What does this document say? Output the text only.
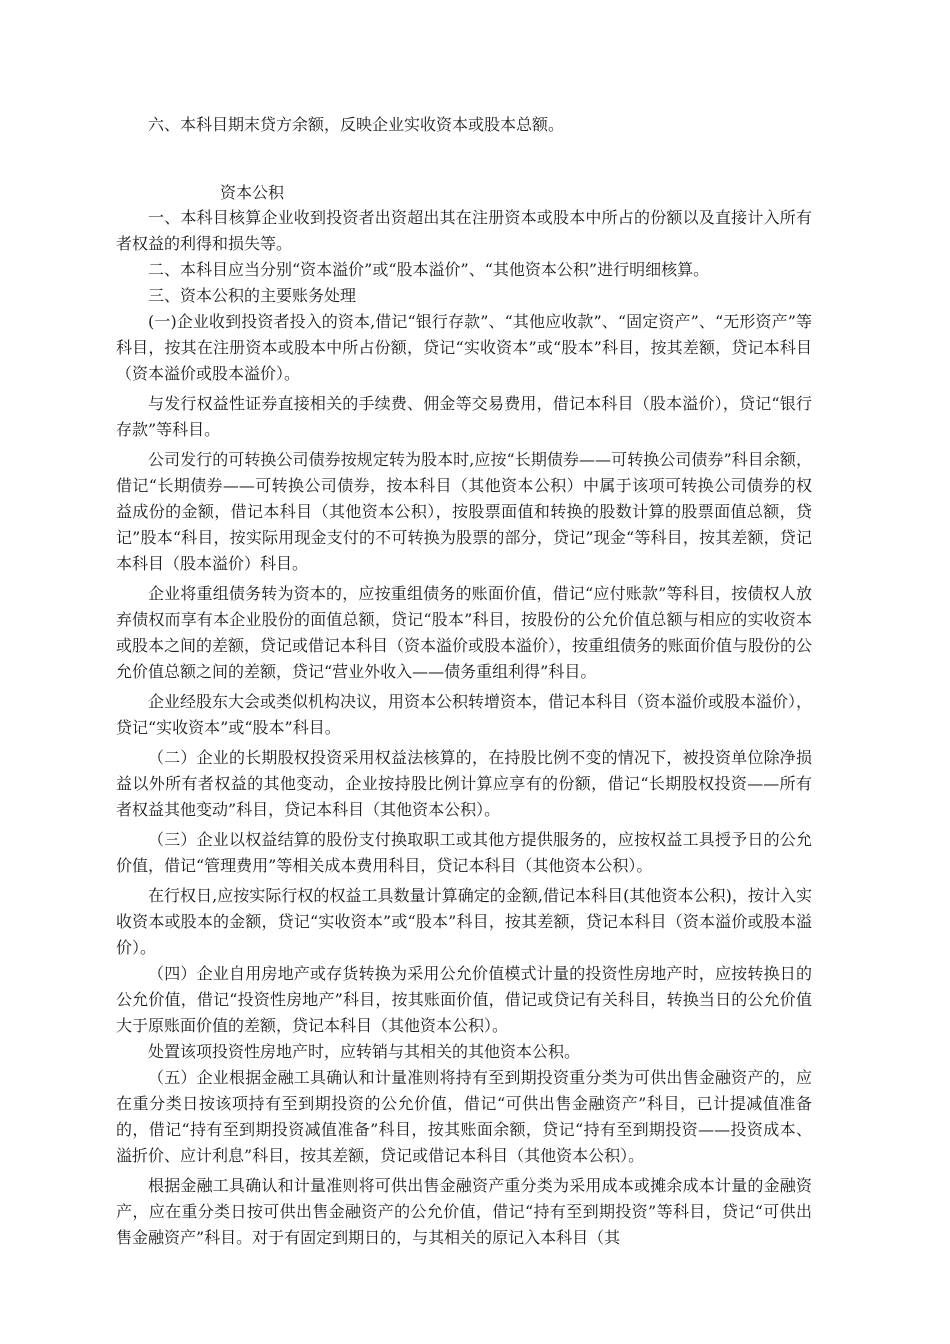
六、本科目期末贷方余额，反映企业实收资本或股本总额。

资本公积

一、本科目核算企业收到投资者出资超出其在注册资本或股本中所占的份额以及直接计入所有者权益的利得和损失等。

二、本科目应当分别“资本溢价”或“股本溢价”、“其他资本公积”进行明细核算。

三、资本公积的主要账务处理

(一)企业收到投资者投入的资本,借记“银行存款”、“其他应收款”、“固定资产”、“无形资产”等科目，按其在注册资本或股本中所占份额，贷记“实收资本”或“股本”科目，按其差额，贷记本科目（资本溢价或股本溢价）。

与发行权益性证券直接相关的手续费、佣金等交易费用，借记本科目（股本溢价），贷记“银行存款”等科目。

公司发行的可转换公司债券按规定转为股本时,应按“长期债券——可转换公司债券”科目余额，借记“长期债券——可转换公司债券，按本科目（其他资本公积）中属于该项可转换公司债券的权益成份的金额，借记本科目（其他资本公积），按股票面值和转换的股数计算的股票面值总额，贷记”股本“科目，按实际用现金支付的不可转换为股票的部分，贷记”现金“等科目，按其差额，贷记本科目（股本溢价）科目。

企业将重组债务转为资本的，应按重组债务的账面价值，借记“应付账款”等科目，按债权人放弃债权而享有本企业股份的面值总额，贷记“股本”科目，按股份的公允价值总额与相应的实收资本或股本之间的差额，贷记或借记本科目（资本溢价或股本溢价），按重组债务的账面价值与股份的公允价值总额之间的差额，贷记“营业外收入——债务重组利得”科目。

企业经股东大会或类似机构决议，用资本公积转增资本，借记本科目（资本溢价或股本溢价），贷记“实收资本”或“股本”科目。

（二）企业的长期股权投资采用权益法核算的，在持股比例不变的情况下，被投资单位除净损益以外所有者权益的其他变动，企业按持股比例计算应享有的份额，借记“长期股权投资——所有者权益其他变动”科目，贷记本科目（其他资本公积）。

（三）企业以权益结算的股份支付换取职工或其他方提供服务的，应按权益工具授予日的公允价值，借记“管理费用”等相关成本费用科目，贷记本科目（其他资本公积）。

在行权日,应按实际行权的权益工具数量计算确定的金额,借记本科目(其他资本公积)，按计入实收资本或股本的金额，贷记“实收资本”或“股本”科目，按其差额，贷记本科目（资本溢价或股本溢价）。

（四）企业自用房地产或存货转换为采用公允价值模式计量的投资性房地产时，应按转换日的公允价值，借记“投资性房地产”科目，按其账面价值，借记或贷记有关科目，转换当日的公允价值大于原账面价值的差额，贷记本科目（其他资本公积）。

处置该项投资性房地产时，应转销与其相关的其他资本公积。

（五）企业根据金融工具确认和计量准则将持有至到期投资重分类为可供出售金融资产的，应在重分类日按该项持有至到期投资的公允价值，借记“可供出售金融资产”科目，已计提减值准备的，借记“持有至到期投资减值准备”科目，按其账面余额，贷记“持有至到期投资——投资成本、溢折价、应计利息”科目，按其差额，贷记或借记本科目（其他资本公积）。

根据金融工具确认和计量准则将可供出售金融资产重分类为采用成本或摊余成本计量的金融资产，应在重分类日按可供出售金融资产的公允价值，借记“持有至到期投资”等科目，贷记“可供出售金融资产”科目。对于有固定到期日的，与其相关的原记入本科目（其
